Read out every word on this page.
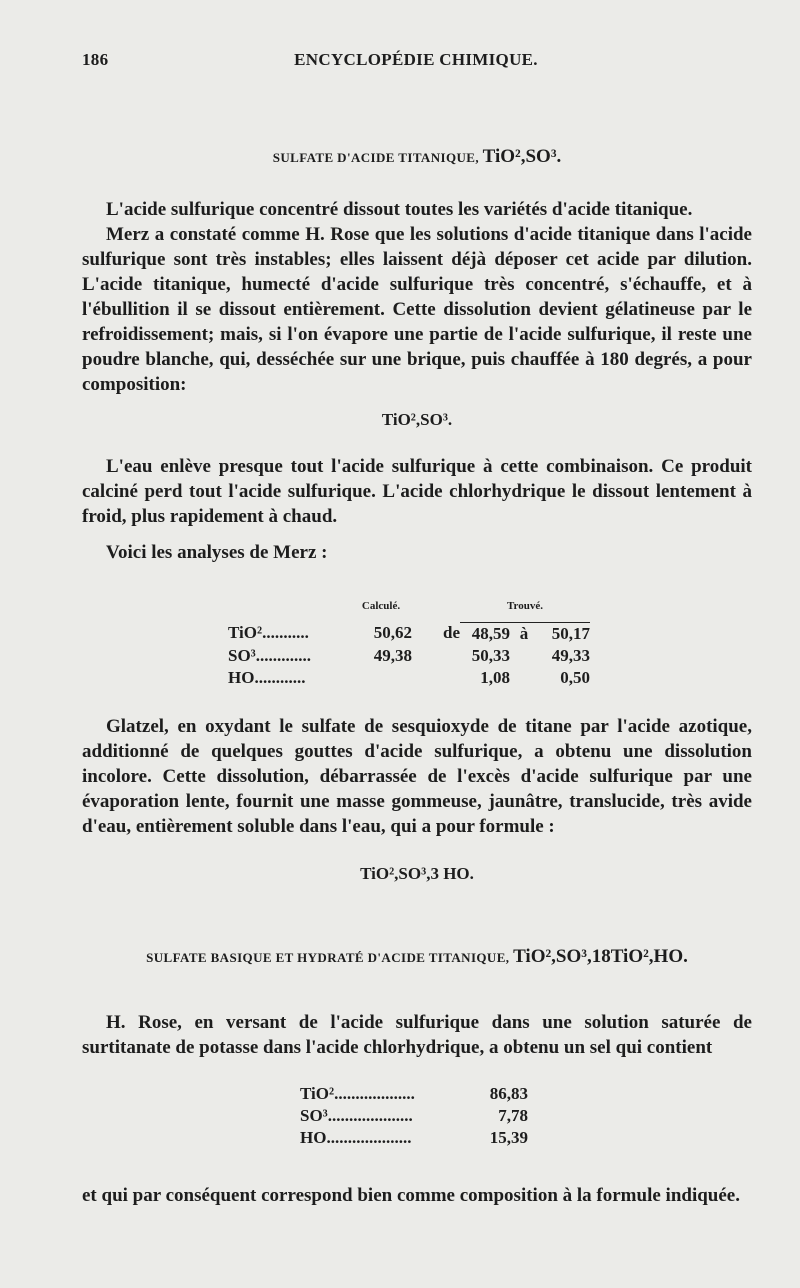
186	ENCYCLOPÉDIE CHIMIQUE.
SULFATE D'ACIDE TITANIQUE, TiO²,SO³.

L'acide sulfurique concentré dissout toutes les variétés d'acide titanique.

Merz a constaté comme H. Rose que les solutions d'acide titanique dans l'acide sulfurique sont très instables; elles laissent déjà déposer cet acide par dilution. L'acide titanique, humecté d'acide sulfurique très concentré, s'échauffe, et à l'ébullition il se dissout entièrement. Cette dissolution devient gélatineuse par le refroidissement; mais, si l'on évapore une partie de l'acide sulfurique, il reste une poudre blanche, qui, desséchée sur une brique, puis chauffée à 180 degrés, a pour composition:

TiO²,SO³.

L'eau enlève presque tout l'acide sulfurique à cette combinaison. Ce produit calciné perd tout l'acide sulfurique. L'acide chlorhydrique le dissout lentement à froid, plus rapidement à chaud.

Voici les analyses de Merz :

	Calculé.		Trouvé.		

TiO²...........	50,62	de	48,59	à	50,17
SO³.............	49,38		50,33		49,33
HO............			1,08		0,50

Glatzel, en oxydant le sulfate de sesquioxyde de titane par l'acide azotique, additionné de quelques gouttes d'acide sulfurique, a obtenu une dissolution incolore. Cette dissolution, débarrassée de l'excès d'acide sulfurique par une évaporation lente, fournit une masse gommeuse, jaunâtre, translucide, très avide d'eau, entièrement soluble dans l'eau, qui a pour formule :

TiO²,SO³,3 HO.
SULFATE BASIQUE ET HYDRATÉ D'ACIDE TITANIQUE, TiO²,SO³,18TiO²,HO.

H. Rose, en versant de l'acide sulfurique dans une solution saturée de surtitanate de potasse dans l'acide chlorhydrique, a obtenu un sel qui contient

TiO²...................	86,83
SO³....................	7,78
HO....................	15,39

et qui par conséquent correspond bien comme composition à la formule indiquée.
